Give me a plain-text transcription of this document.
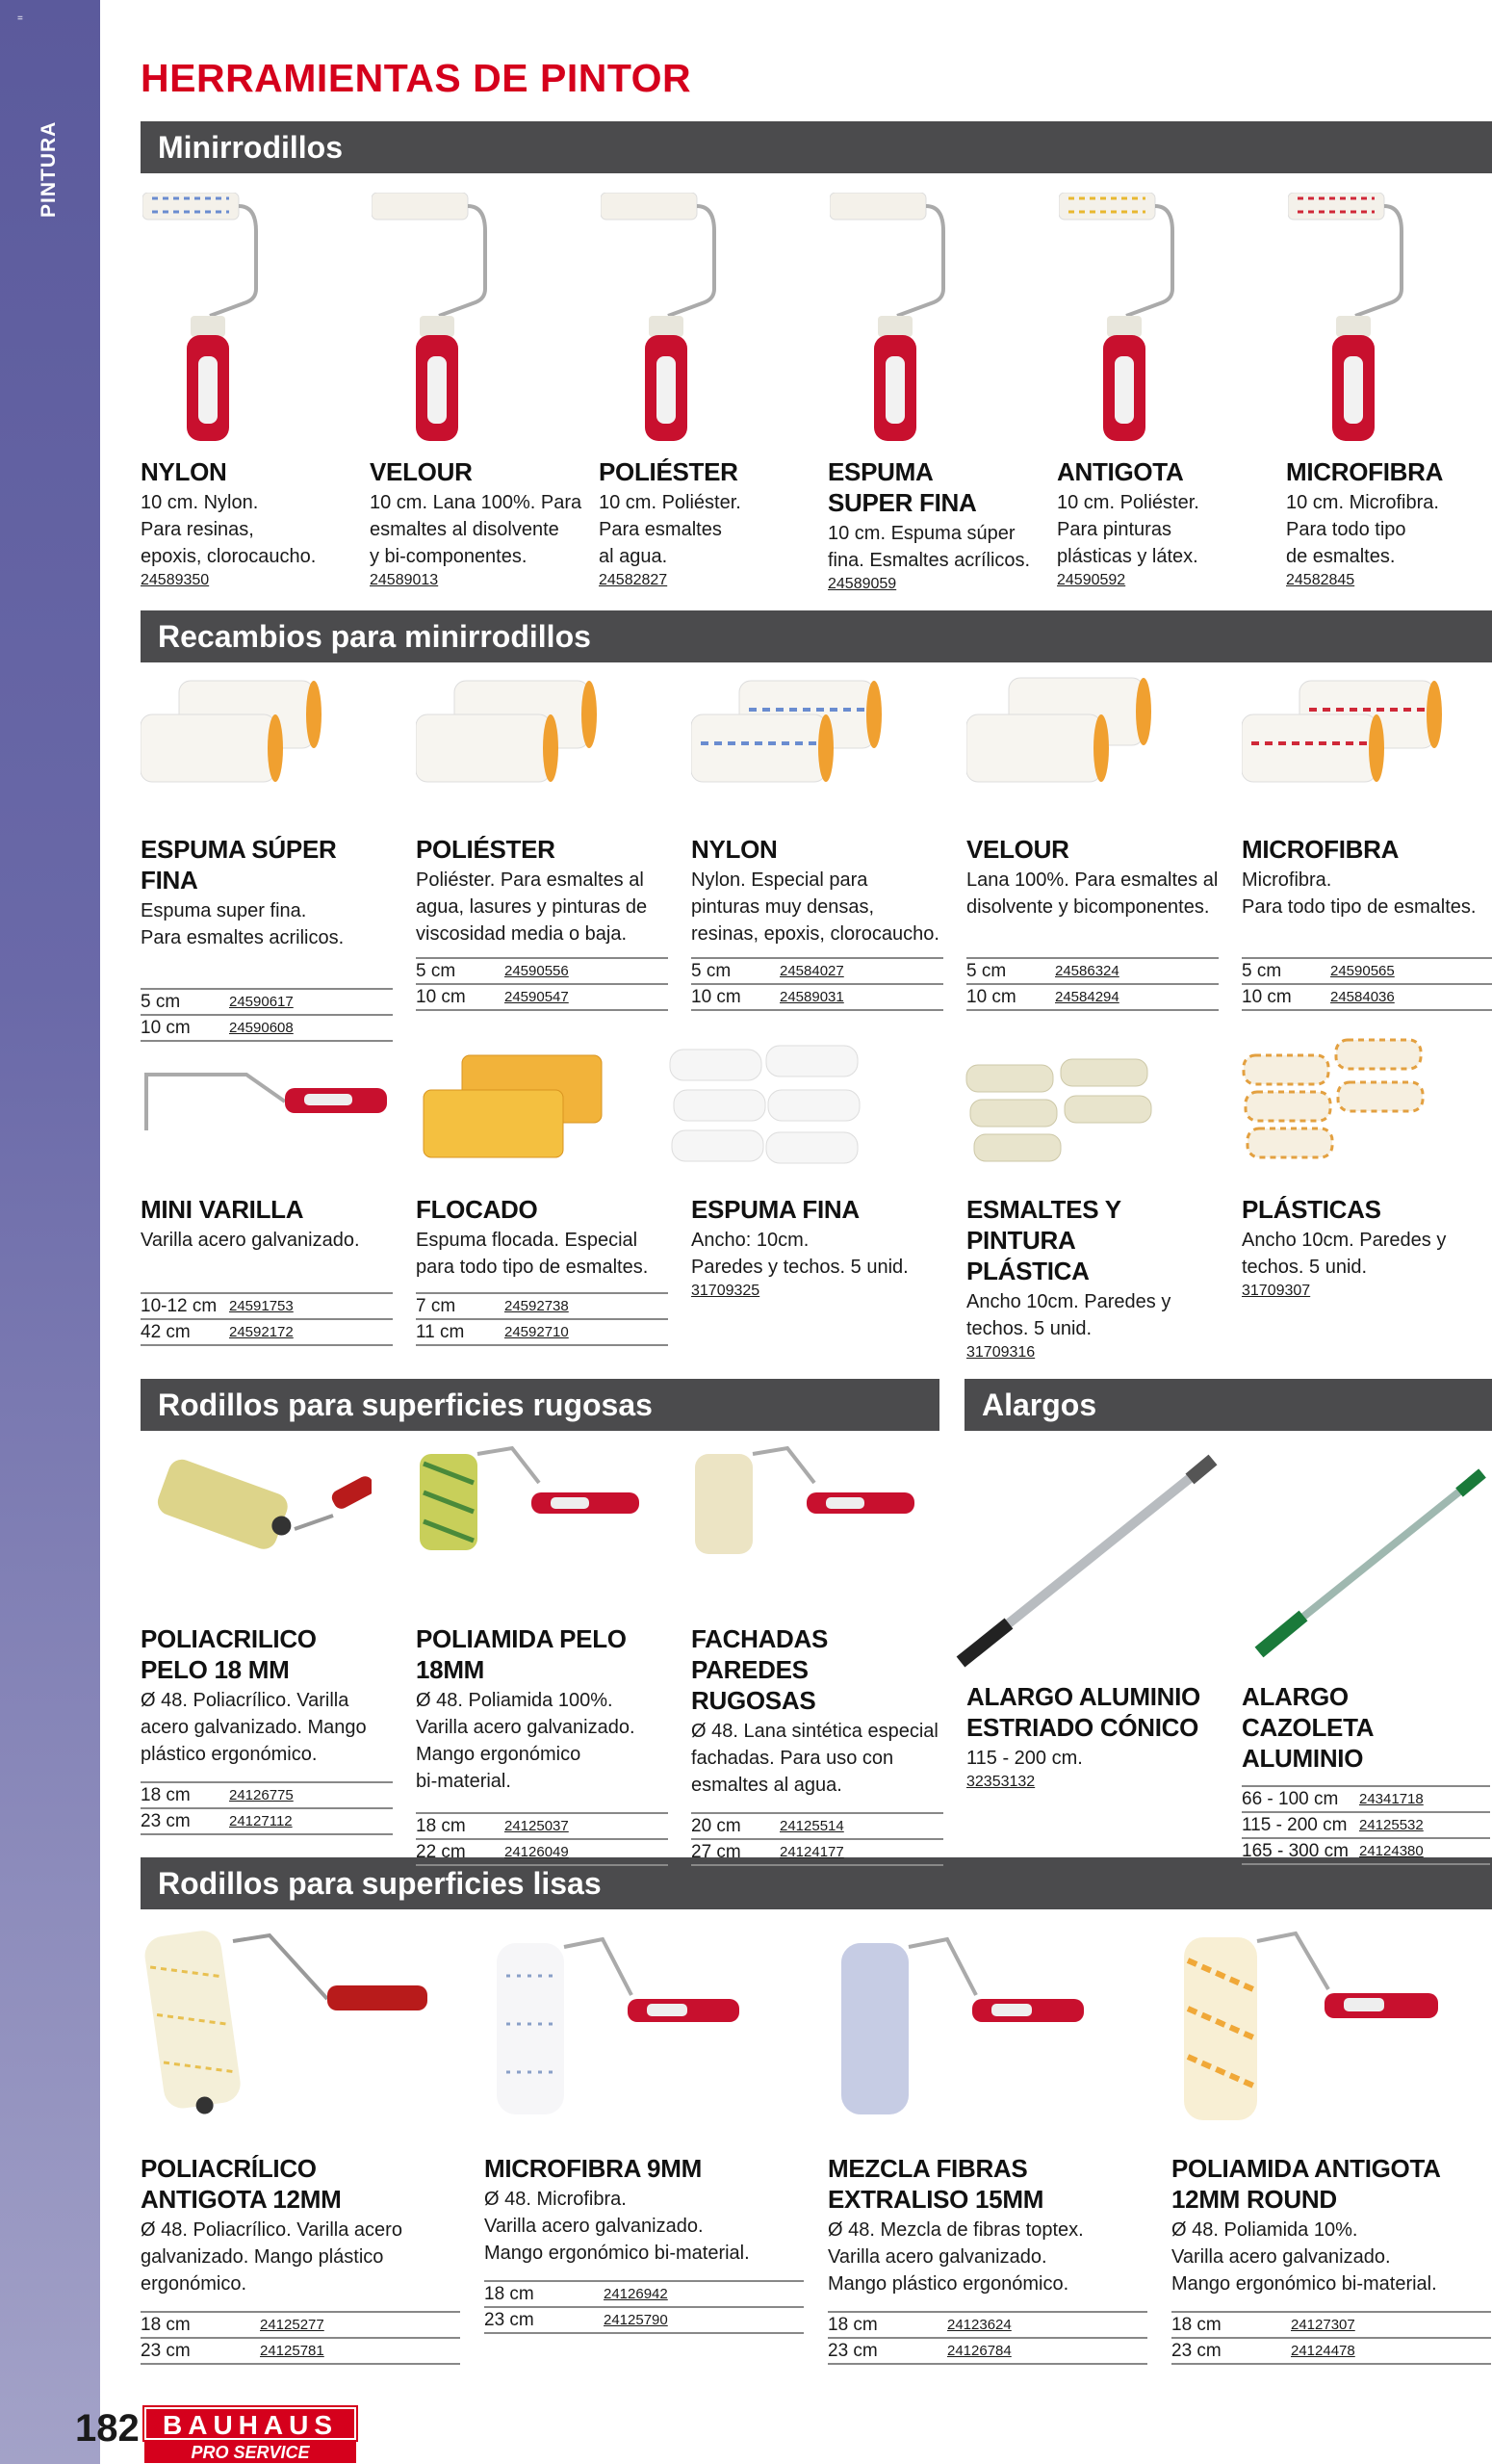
=
PINTURA
HERRAMIENTAS DE PINTOR
Minirrodillos
Recambios para minirrodillos
Rodillos para superficies rugosas	Alargos
Rodillos para superficies lisas
NYLON

10 cm. Nylon.
Para resinas,
epoxis, clorocaucho.

24589350
VELOUR

10 cm. Lana 100%. Para
esmaltes al disolvente
y bi-componentes.

24589013
POLIÉSTER

10 cm. Poliéster.
Para esmaltes
al agua.

24582827
ESPUMA
SUPER FINA

10 cm. Espuma súper
fina. Esmaltes acrílicos.

24589059
ANTIGOTA

10 cm. Poliéster.
Para pinturas
plásticas y látex.

24590592
MICROFIBRA

10 cm. Microfibra.
Para todo tipo
de esmaltes.

24582845
ESPUMA SÚPER FINA

Espuma super fina.
Para esmaltes acrilicos.

5 cm	24590617
10 cm	24590608
POLIÉSTER

Poliéster. Para esmaltes al
agua, lasures y pinturas de
viscosidad media o baja.

5 cm	24590556
10 cm	24590547
NYLON

Nylon. Especial para
pinturas muy densas,
resinas, epoxis, clorocaucho.

5 cm	24584027
10 cm	24589031
VELOUR

Lana 100%. Para esmaltes al
disolvente y bicomponentes.

5 cm	24586324
10 cm	24584294
MICROFIBRA

Microfibra.
Para todo tipo de esmaltes.

5 cm	24590565
10 cm	24584036
MINI VARILLA

Varilla acero galvanizado.

10-12 cm 24591753
42 cm	24592172
FLOCADO

Espuma flocada. Especial
para todo tipo de esmaltes.

7 cm	24592738
11 cm	24592710
ESPUMA FINA

Ancho: 10cm.
Paredes y techos. 5 unid.

31709325
ESMALTES Y PINTURA
PLÁSTICA

Ancho 10cm. Paredes y
techos. 5 unid.

31709316
PLÁSTICAS

Ancho 10cm. Paredes y
techos. 5 unid.

31709307
POLIACRILICO
PELO 18 MM

Ø 48. Poliacrílico. Varilla
acero galvanizado. Mango
plástico ergonómico.

18 cm	24126775
23 cm	24127112
POLIAMIDA PELO 18MM

Ø 48. Poliamida 100%.
Varilla acero galvanizado.
Mango ergonómico
bi-material.

18 cm	24125037
22 cm	24126049
FACHADAS PAREDES
RUGOSAS

Ø 48. Lana sintética especial
fachadas. Para uso con
esmaltes al agua.

20 cm	24125514
27 cm	24124177
ALARGO ALUMINIO
ESTRIADO CÓNICO

115 - 200 cm.

32353132
ALARGO
CAZOLETA ALUMINIO
66 - 100 cm	24341718
115 - 200 cm 24125532
165 - 300 cm 24124380
POLIACRÍLICO
ANTIGOTA 12MM

Ø 48. Poliacrílico. Varilla acero
galvanizado. Mango plástico
ergonómico.

18 cm	24125277
23 cm	24125781
MICROFIBRA 9MM

Ø 48. Microfibra.
Varilla acero galvanizado.
Mango ergonómico bi-material.

18 cm	24126942
23 cm	24125790
MEZCLA FIBRAS
EXTRALISO 15MM

Ø 48. Mezcla de fibras toptex.
Varilla acero galvanizado.
Mango plástico ergonómico.

18 cm	24123624
23 cm	24126784
POLIAMIDA ANTIGOTA
12MM ROUND

Ø 48. Poliamida 10%.
Varilla acero galvanizado.
Mango ergonómico bi-material.

18 cm	24127307
23 cm	24124478
182 BAUHAUS
PRO SERVICE
